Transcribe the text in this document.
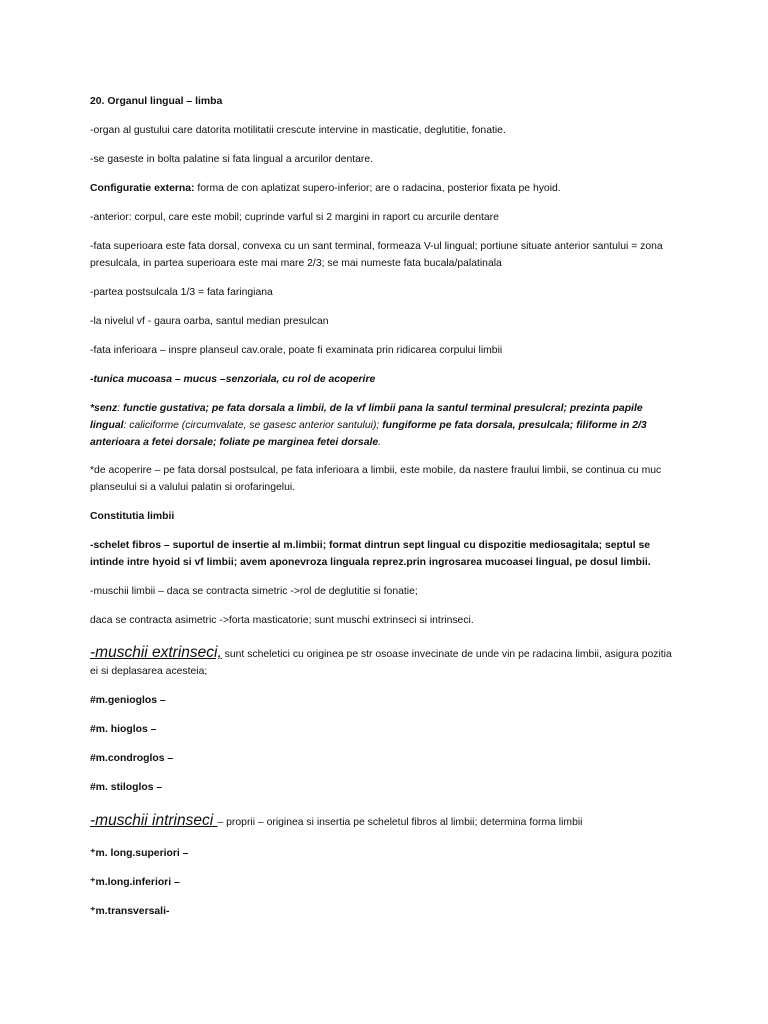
20. Organul lingual – limba

-organ al gustului care datorita motilitatii crescute intervine in masticatie, deglutitie, fonatie.

-se gaseste in bolta palatine si fata lingual a arcurilor dentare.

Configuratie externa: forma de con aplatizat supero-inferior; are o radacina, posterior fixata pe hyoid.

-anterior: corpul, care este mobil; cuprinde varful si 2 margini in raport cu arcurile dentare

-fata superioara este fata dorsal, convexa cu un sant terminal, formeaza V-ul lingual; portiune situate anterior santului = zona presulcala, in partea superioara este mai mare 2/3; se mai numeste fata bucala/palatinala

-partea postsulcala 1/3 = fata faringiana

-la nivelul vf - gaura oarba, santul median presulcan

-fata inferioara – inspre planseul cav.orale, poate fi examinata prin ridicarea corpului limbii

-tunica mucoasa – mucus –senzoriala, cu rol de acoperire

*senz: functie gustativa; pe fata dorsala a limbii, de la vf limbii pana la santul terminal presulcral; prezinta papile lingual: caliciforme (circumvalate, se gasesc anterior santului); fungiforme pe fata dorsala, presulcala; filiforme in 2/3 anterioara a fetei dorsale; foliate pe marginea fetei dorsale.

*de acoperire – pe fata dorsal postsulcal, pe fata inferioara a limbii, este mobile, da nastere fraului limbii, se continua cu muc planseului si a valului palatin si orofaringelui.

Constitutia limbii

-schelet fibros – suportul de insertie al m.limbii; format dintrun sept lingual cu dispozitie mediosagitala; septul se intinde intre hyoid si vf limbii; avem aponevroza linguala reprez.prin ingrosarea mucoasei lingual, pe dosul limbii.

-muschii limbii – daca se contracta simetric ->rol de deglutitie si fonatie;

daca se contracta asimetric ->forta masticatorie; sunt muschi extrinseci si intrinseci.

-muschii extrinseci, sunt scheletici cu originea pe str osoase invecinate de unde vin pe radacina limbii, asigura pozitia ei si deplasarea acesteia;

#m.genioglos –

#m. hioglos –

#m.condroglos –

#m. stiloglos –

-muschii intrinseci – proprii – originea si insertia pe scheletul fibros al limbii; determina forma limbii

⁺m. long.superiori –

⁺m.long.inferiori –

⁺m.transversali-
